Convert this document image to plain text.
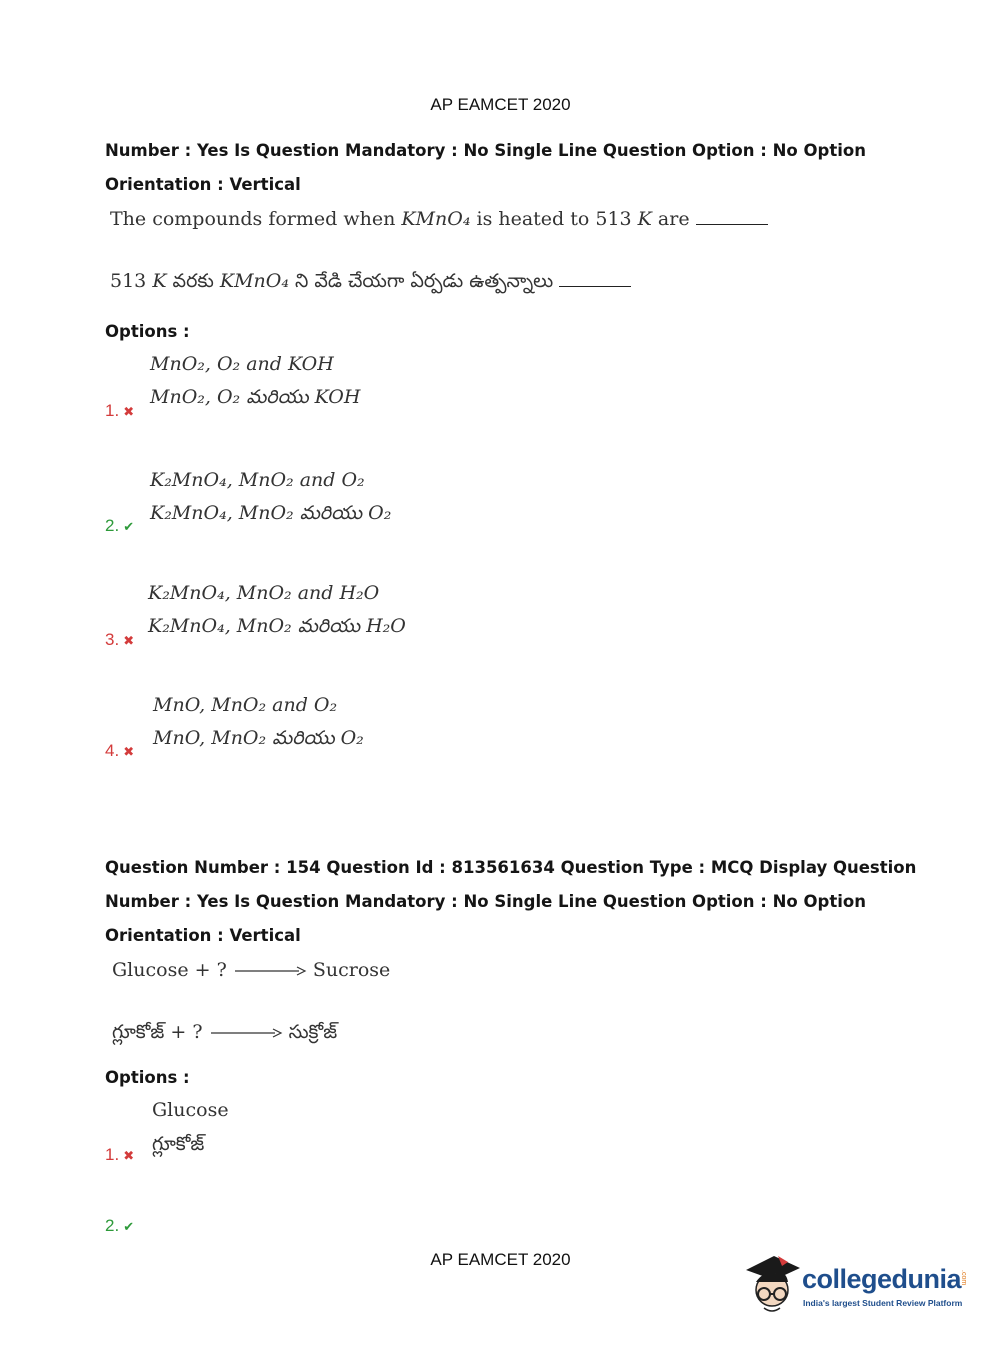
AP EAMCET 2020
Number : Yes Is Question Mandatory : No Single Line Question Option : No Option
Orientation : Vertical
The compounds formed when KMnO₄ is heated to 513 K are
513 K వరకు KMnO₄ ని వేడి చేయగా ఏర్పడు ఉత్పన్నాలు
Options :
MnO₂, O₂ and KOH
MnO₂, O₂ మరియు KOH
1. ✖
K₂MnO₄, MnO₂ and O₂
K₂MnO₄, MnO₂ మరియు O₂
2. ✔
K₂MnO₄, MnO₂ and H₂O
K₂MnO₄, MnO₂ మరియు H₂O
3. ✖
MnO, MnO₂ and O₂
MnO, MnO₂ మరియు O₂
4. ✖
Question Number : 154 Question Id : 813561634 Question Type : MCQ Display Question
Number : Yes Is Question Mandatory : No Single Line Question Option : No Option
Orientation : Vertical
Glucose + ? → Sucrose
గ్లూకోజ్ + ? → సుక్రోజ్
Options :
Glucose
గ్లూకోజ్
1. ✖
2. ✔
AP EAMCET 2020
collegedunia
.com
India's largest Student Review Platform
